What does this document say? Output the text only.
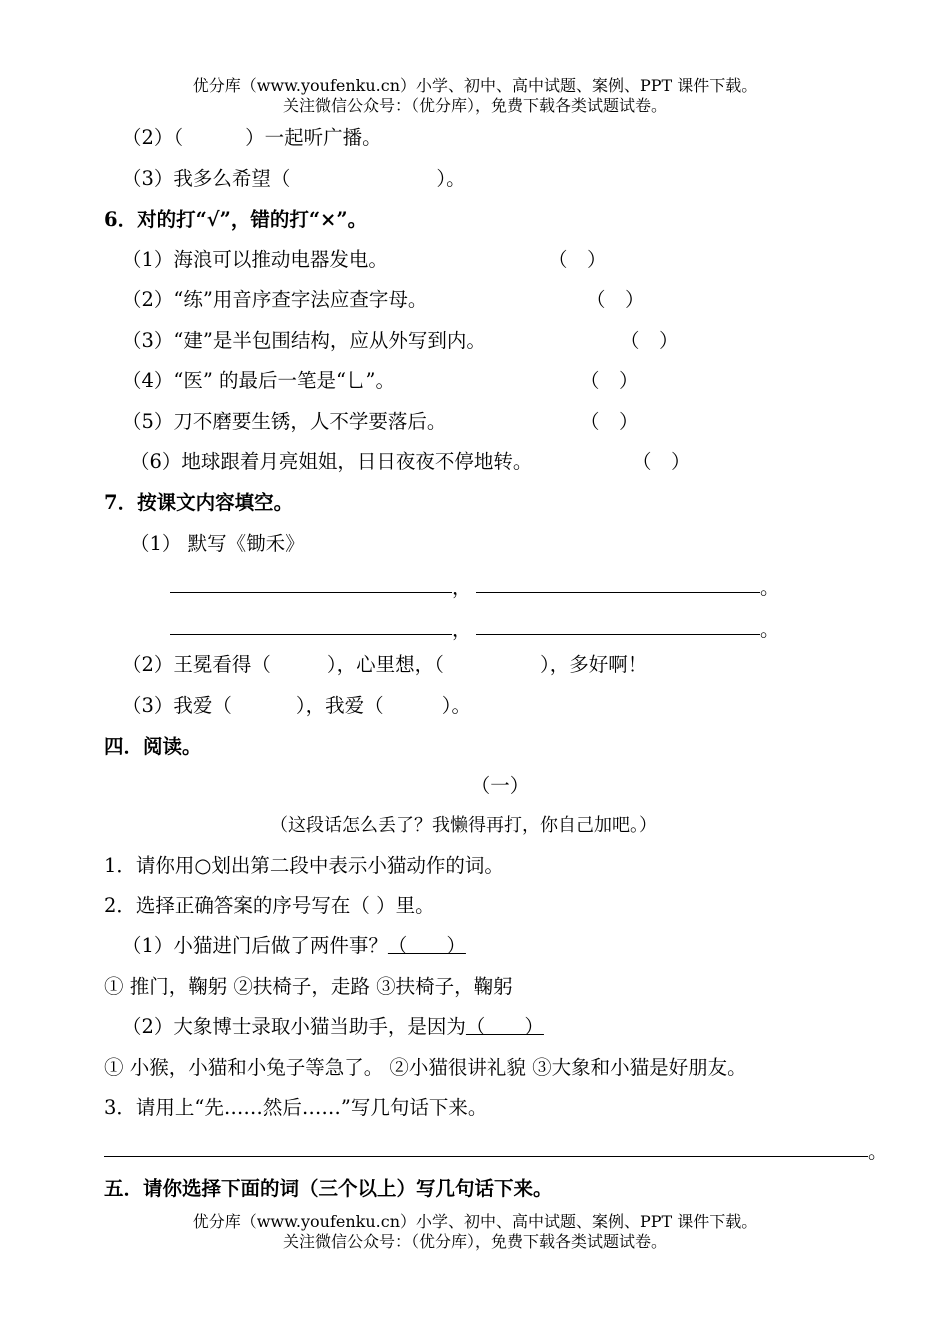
优分库（www.youfenku.cn）小学、初中、高中试题、案例、PPT 课件下载。
关注微信公众号：（优分库），免费下载各类试题试卷。
（2）（	）一起听广播。
（3）我多么希望（	）。
6．对的打“√”，错的打“×”。
（1）海浪可以推动电器发电。	（　）
（2）“练”用音序查字法应查字母。	（　）
（3）“建”是半包围结构，应从外写到内。	（　）
（4）“医” 的最后一笔是“乚”。	（　）
（5）刀不磨要生锈，人不学要落后。	（　）
（6）地球跟着月亮姐姐，日日夜夜不停地转。	（　）
7．按课文内容填空。
（1） 默写《锄禾》
，	。
，	。
（2）王冕看得（	），心里想，（	），多好啊！
（3）我爱（	），我爱（	）。
四．阅读。
（一）
（这段话怎么丢了？我懒得再打，你自己加吧。）
1．请你用○划出第二段中表示小猫动作的词。
2．选择正确答案的序号写在（ ）里。
（1）小猫进门后做了两件事？（　　）
① 推门，鞠躬 ②扶椅子，走路 ③扶椅子，鞠躬
（2）大象博士录取小猫当助手，是因为（　　）
① 小猴，小猫和小兔子等急了。 ②小猫很讲礼貌 ③大象和小猫是好朋友。
3．请用上“先……然后……”写几句话下来。
。
五．请你选择下面的词（三个以上）写几句话下来。
优分库（www.youfenku.cn）小学、初中、高中试题、案例、PPT 课件下载。
关注微信公众号：（优分库），免费下载各类试题试卷。
